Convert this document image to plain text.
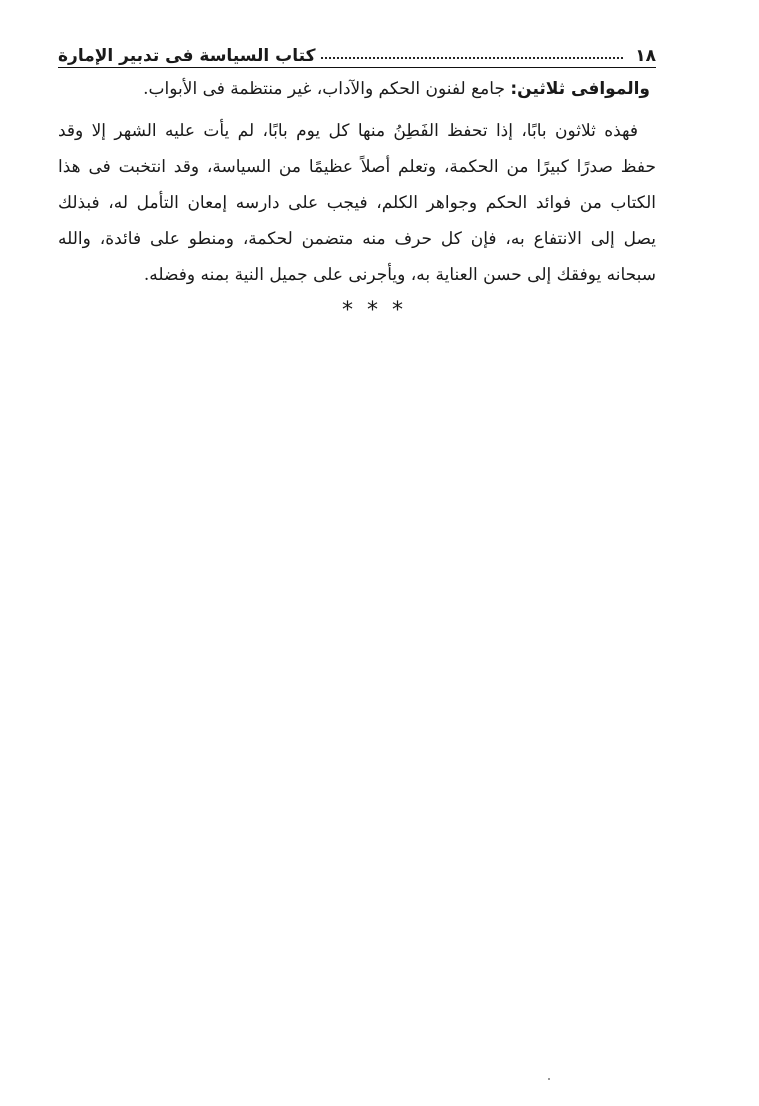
١٨
كتاب السياسة فى تدبير الإمارة
والموافى ثلاثين: جامع لفنون الحكم والآداب، غير منتظمة فى الأبواب.
فهذه ثلاثون بابًا، إذا تحفظ الفَطِنُ منها كل يوم بابًا، لم يأت عليه الشهر إلا وقد
حفظ صدرًا كبيرًا من الحكمة، وتعلم أصلاً عظيمًا من السياسة، وقد انتخبت فى هذا
الكتاب من فوائد الحكم وجواهر الكلم، فيجب على دارسه إمعان التأمل له، فبذلك
يصل إلى الانتفاع به، فإن كل حرف منه متضمن لحكمة، ومنطو على فائدة، والله
سبحانه يوفقك إلى حسن العناية به، ويأجرنى على جميل النية بمنه وفضله.
***
